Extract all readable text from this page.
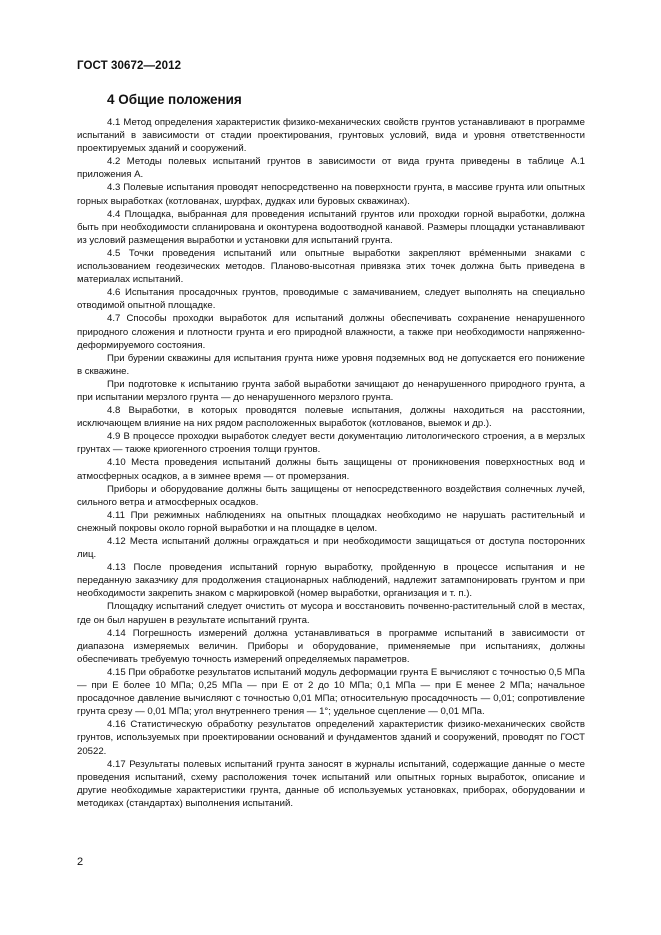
ГОСТ 30672—2012
4 Общие положения

4.1 Метод определения характеристик физико-механических свойств грунтов устанавливают в программе испытаний в зависимости от стадии проектирования, грунтовых условий, вида и уровня ответственности проектируемых зданий и сооружений.

4.2 Методы полевых испытаний грунтов в зависимости от вида грунта приведены в таблице А.1 приложения А.

4.3 Полевые испытания проводят непосредственно на поверхности грунта, в массиве грунта или опытных горных выработках (котлованах, шурфах, дудках или буровых скважинах).

4.4 Площадка, выбранная для проведения испытаний грунтов или проходки горной выработки, должна быть при необходимости спланирована и оконтурена водоотводной канавой. Размеры площадки устанавливают из условий размещения выработки и установки для испытаний грунта.

4.5 Точки проведения испытаний или опытные выработки закрепляют вре́менными знаками с использованием геодезических методов. Планово-высотная привязка этих точек должна быть приведена в материалах испытаний.

4.6 Испытания просадочных грунтов, проводимые с замачиванием, следует выполнять на специально отводимой опытной площадке.

4.7 Способы проходки выработок для испытаний должны обеспечивать сохранение ненарушенного природного сложения и плотности грунта и его природной влажности, а также при необходимости напряженно-деформируемого состояния.

При бурении скважины для испытания грунта ниже уровня подземных вод не допускается его понижение в скважине.

При подготовке к испытанию грунта забой выработки зачищают до ненарушенного природного грунта, а при испытании мерзлого грунта — до ненарушенного мерзлого грунта.

4.8 Выработки, в которых проводятся полевые испытания, должны находиться на расстоянии, исключающем влияние на них рядом расположенных выработок (котлованов, выемок и др.).

4.9 В процессе проходки выработок следует вести документацию литологического строения, а в мерзлых грунтах — также криогенного строения толщи грунтов.

4.10 Места проведения испытаний должны быть защищены от проникновения поверхностных вод и атмосферных осадков, а в зимнее время — от промерзания.

Приборы и оборудование должны быть защищены от непосредственного воздействия солнечных лучей, сильного ветра и атмосферных осадков.

4.11 При режимных наблюдениях на опытных площадках необходимо не нарушать растительный и снежный покровы около горной выработки и на площадке в целом.

4.12 Места испытаний должны ограждаться и при необходимости защищаться от доступа посторонних лиц.

4.13 После проведения испытаний горную выработку, пройденную в процессе испытания и не переданную заказчику для продолжения стационарных наблюдений, надлежит затампонировать грунтом и при необходимости закрепить знаком с маркировкой (номер выработки, организация и т. п.).

Площадку испытаний следует очистить от мусора и восстановить почвенно-растительный слой в местах, где он был нарушен в результате испытаний грунта.

4.14 Погрешность измерений должна устанавливаться в программе испытаний в зависимости от диапазона измеряемых величин. Приборы и оборудование, применяемые при испытаниях, должны обеспечивать требуемую точность измерений определяемых параметров.

4.15 При обработке результатов испытаний модуль деформации грунта E вычисляют с точностью 0,5 МПа — при E более 10 МПа; 0,25 МПа — при E от 2 до 10 МПа; 0,1 МПа — при E менее 2 МПа; начальное просадочное давление вычисляют с точностью 0,01 МПа; относительную просадочность — 0,01; сопротивление грунта срезу — 0,01 МПа; угол внутреннего трения — 1°; удельное сцепление — 0,01 МПа.

4.16 Статистическую обработку результатов определений характеристик физико-механических свойств грунтов, используемых при проектировании оснований и фундаментов зданий и сооружений, проводят по ГОСТ 20522.

4.17 Результаты полевых испытаний грунта заносят в журналы испытаний, содержащие данные о месте проведения испытаний, схему расположения точек испытаний или опытных горных выработок, описание и другие необходимые характеристики грунта, данные об используемых установках, приборах, оборудовании и методиках (стандартах) выполнения испытаний.

2
